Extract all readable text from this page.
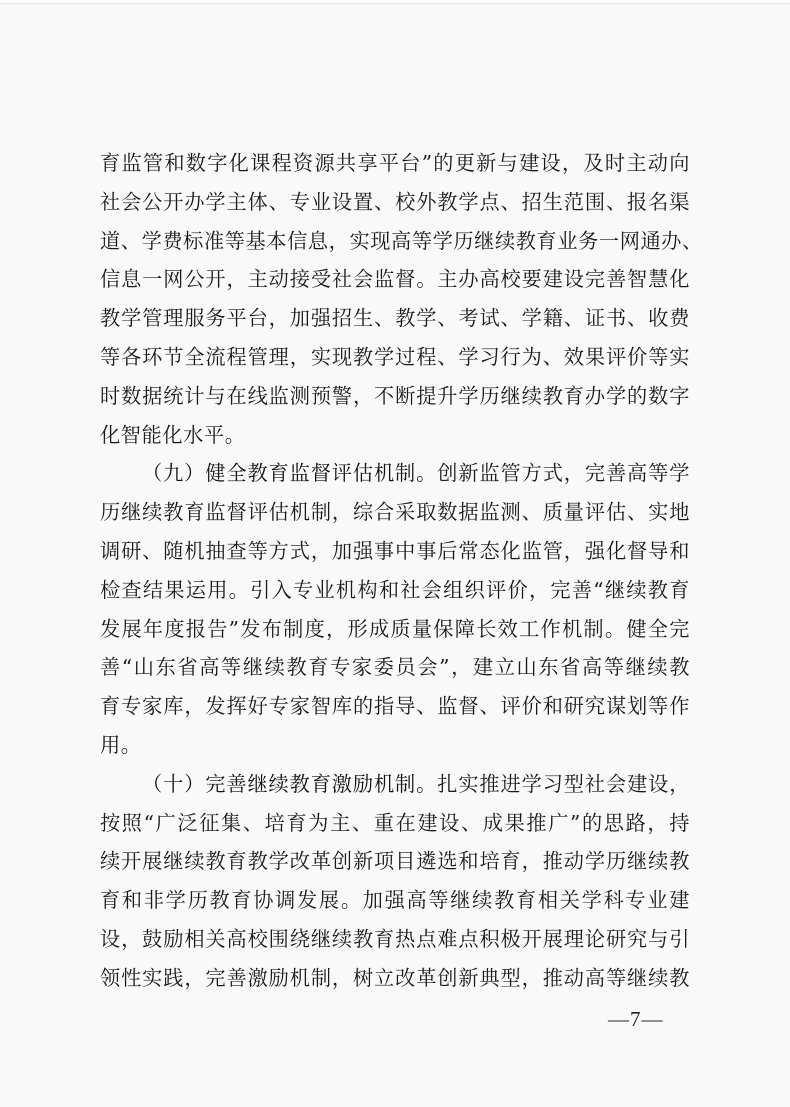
育监管和数字化课程资源共享平台”的更新与建设，及时主动向
社会公开办学主体、专业设置、校外教学点、招生范围、报名渠
道、学费标准等基本信息，实现高等学历继续教育业务一网通办、
信息一网公开，主动接受社会监督。主办高校要建设完善智慧化
教学管理服务平台，加强招生、教学、考试、学籍、证书、收费
等各环节全流程管理，实现教学过程、学习行为、效果评价等实
时数据统计与在线监测预警，不断提升学历继续教育办学的数字
化智能化水平。
（九）健全教育监督评估机制。创新监管方式，完善高等学
历继续教育监督评估机制，综合采取数据监测、质量评估、实地
调研、随机抽查等方式，加强事中事后常态化监管，强化督导和
检查结果运用。引入专业机构和社会组织评价，完善“继续教育
发展年度报告”发布制度，形成质量保障长效工作机制。健全完
善“山东省高等继续教育专家委员会”，建立山东省高等继续教
育专家库，发挥好专家智库的指导、监督、评价和研究谋划等作
用。
（十）完善继续教育激励机制。扎实推进学习型社会建设，
按照“广泛征集、培育为主、重在建设、成果推广”的思路，持
续开展继续教育教学改革创新项目遴选和培育，推动学历继续教
育和非学历教育协调发展。加强高等继续教育相关学科专业建
设，鼓励相关高校围绕继续教育热点难点积极开展理论研究与引
领性实践，完善激励机制，树立改革创新典型，推动高等继续教
—7—
